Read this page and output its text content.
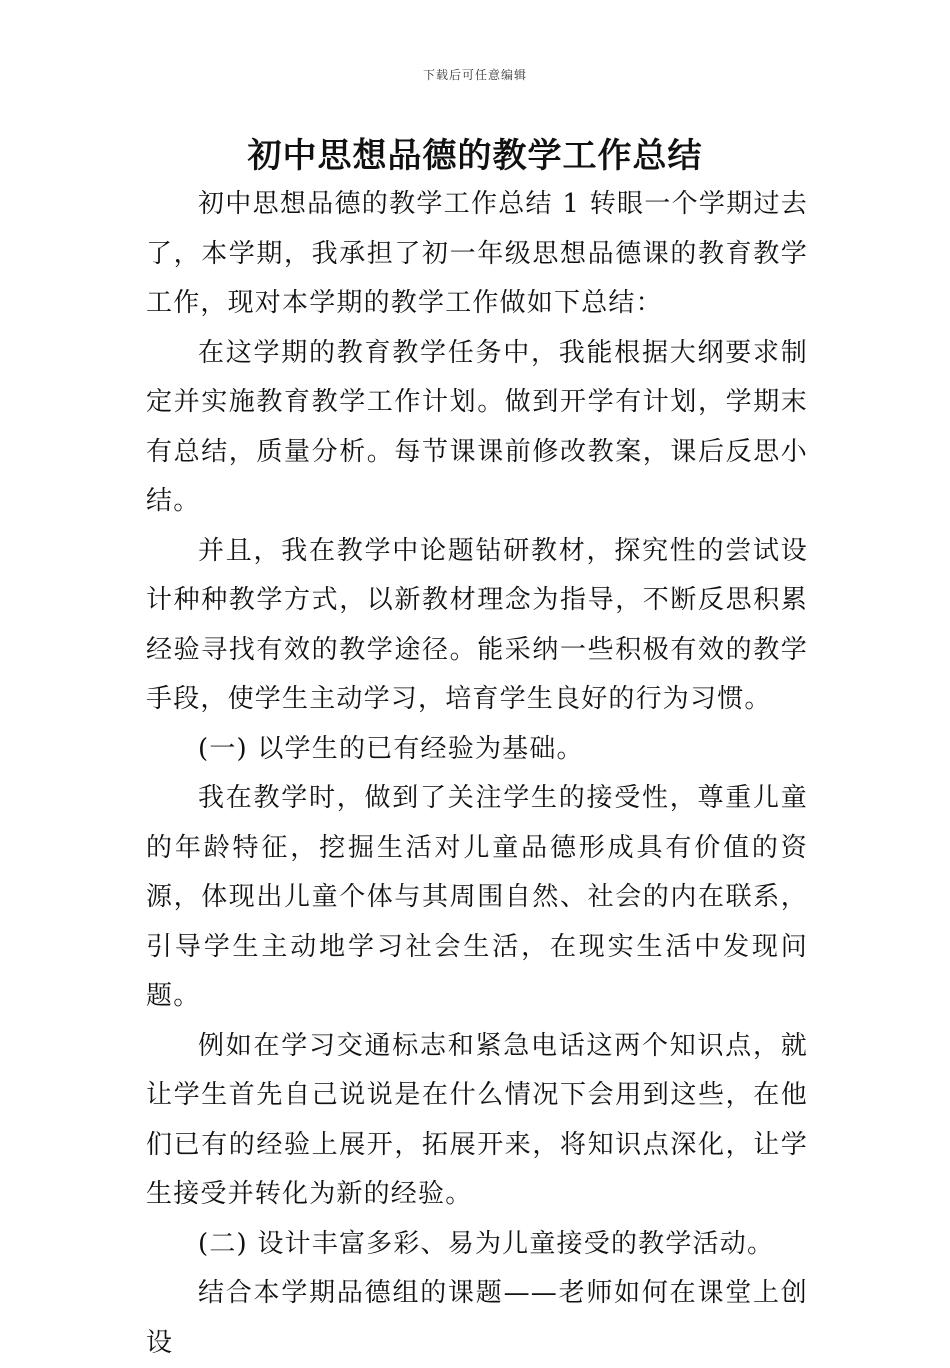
下载后可任意编辑
初中思想品德的教学工作总结

初中思想品德的教学工作总结 1 转眼一个学期过去了，本学期，我承担了初一年级思想品德课的教育教学工作，现对本学期的教学工作做如下总结：

在这学期的教育教学任务中，我能根据大纲要求制定并实施教育教学工作计划。做到开学有计划，学期末有总结，质量分析。每节课课前修改教案，课后反思小结。

并且，我在教学中论题钻研教材，探究性的尝试设计种种教学方式，以新教材理念为指导，不断反思积累经验寻找有效的教学途径。能采纳一些积极有效的教学手段，使学生主动学习，培育学生良好的行为习惯。

(一) 以学生的已有经验为基础。

我在教学时，做到了关注学生的接受性，尊重儿童的年龄特征，挖掘生活对儿童品德形成具有价值的资源，体现出儿童个体与其周围自然、社会的内在联系，引导学生主动地学习社会生活，在现实生活中发现问题。

例如在学习交通标志和紧急电话这两个知识点，就让学生首先自己说说是在什么情况下会用到这些，在他们已有的经验上展开，拓展开来，将知识点深化，让学生接受并转化为新的经验。

(二) 设计丰富多彩、易为儿童接受的教学活动。

结合本学期品德组的课题——老师如何在课堂上创设
